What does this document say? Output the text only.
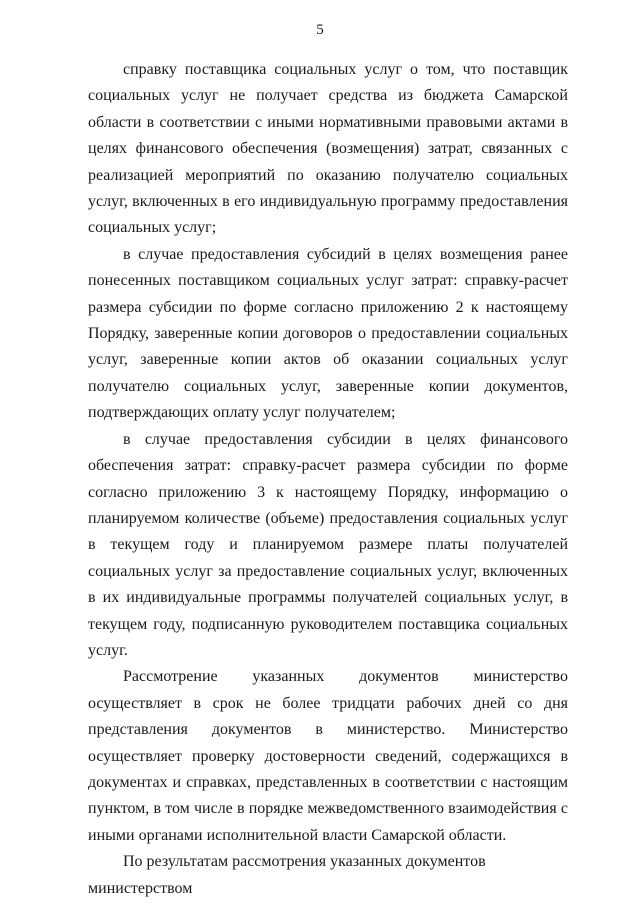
5

справку поставщика социальных услуг о том, что поставщик социальных услуг не получает средства из бюджета Самарской области в соответствии с иными нормативными правовыми актами в целях финансового обеспечения (возмещения) затрат, связанных с реализацией мероприятий по оказанию получателю социальных услуг, включенных в его индивидуальную программу предоставления социальных услуг;

в случае предоставления субсидий в целях возмещения ранее понесенных поставщиком социальных услуг затрат: справку-расчет размера субсидии по форме согласно приложению 2 к настоящему Порядку, заверенные копии договоров о предоставлении социальных услуг, заверенные копии актов об оказании социальных услуг получателю социальных услуг, заверенные копии документов, подтверждающих оплату услуг получателем;

в случае предоставления субсидии в целях финансового обеспечения затрат: справку-расчет размера субсидии по форме согласно приложению 3 к настоящему Порядку, информацию о планируемом количестве (объеме) предоставления социальных услуг в текущем году и планируемом размере платы получателей социальных услуг за предоставление социальных услуг, включенных в их индивидуальные программы получателей социальных услуг, в текущем году, подписанную руководителем поставщика социальных услуг.

Рассмотрение указанных документов министерство осуществляет в срок не более тридцати рабочих дней со дня представления документов в министерство. Министерство осуществляет проверку достоверности сведений, содержащихся в документах и справках, представленных в соответствии с настоящим пунктом, в том числе в порядке межведомственного взаимодействия с иными органами исполнительной власти Самарской области.

По результатам рассмотрения указанных документов министерством
